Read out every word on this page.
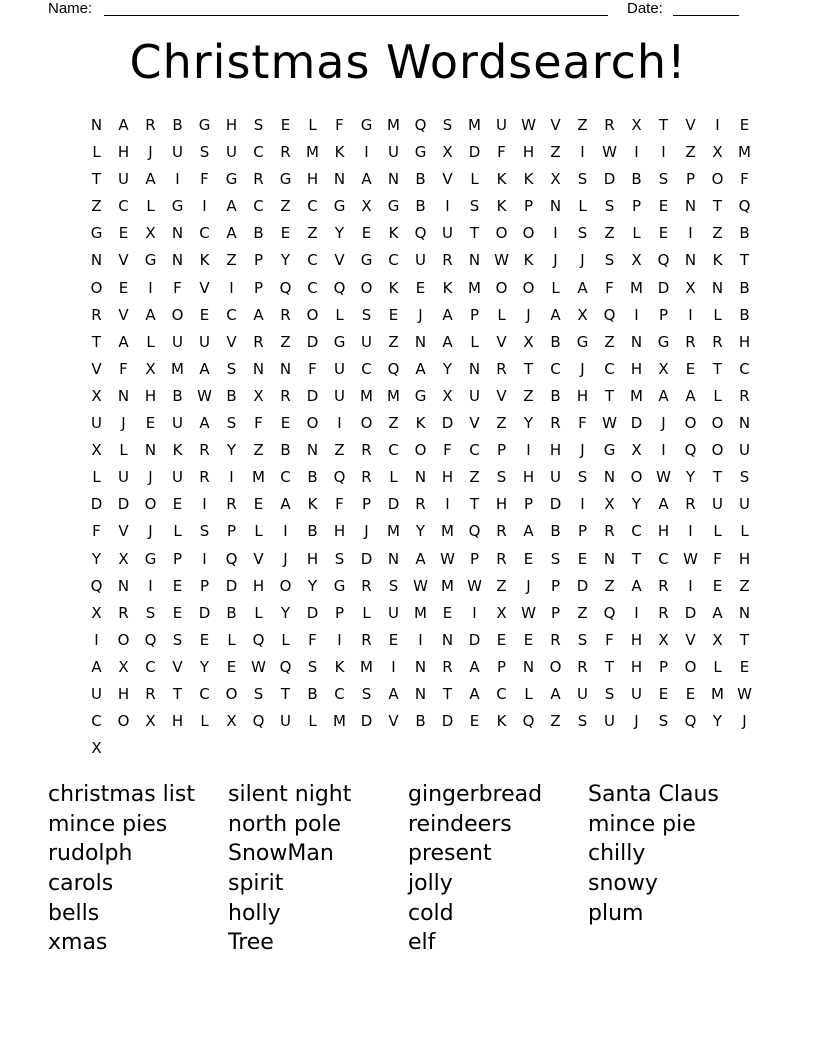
Name:	Date:
Christmas Wordsearch!
N	A	R	B	G	H	S	E	L	F	G M Q	S	M	U W V	Z	R	X	T	V	I	E
L	H	J	U	S	U	C	R	M	K	I	U	G	X	D	F	H	Z	I	W	I	I	Z	X	M
T	U	A	I	F	G	R	G	H	N	A	N	B	V	L	K	K	X	S	D	B	S	P	O	F
Z	C	L	G	I	A	C	Z	C	G	X	G	B	I	S	K	P	N	L	S	P	E	N	T	Q
G	E	X	N	C	A	B	E	Z	Y	E	K	Q	U	T	O	O	I	S	Z	L	E	I	Z	B
N	V	G	N	K	Z	P	Y	C	V	G	C	U	R	N W K	J	J	S	X	Q	N	K	T
O	E	I	F	V	I	P	Q	C	Q	O	K	E	K	M O	O	L	A	F	M D	X	N	B
R	V	A	O	E	C	A	R	O	L	S	E	J	A	P	L	J	A	X	Q	I	P	I	L	B
T	A	L	U	U	V	R	Z	D	G	U	Z	N	A	L	V	X	B	G	Z	N	G	R	R	H
V	F	X	M	A	S	N	N	F	U	C	Q	A	Y	N	R	T	C	J	C	H	X	E	T	C
X	N	H	B W B	X	R	D	U	M M G	X	U	V	Z	B	H	T	M	A	A	L	R
U	J	E	U	A	S	F	E	O	I	O	Z	K	D	V	Z	Y	R	F	W D	J	O	O	N
X	L	N	K	R	Y	Z	B	N	Z	R	C	O	F	C	P	I	H	J	G	X	I	Q	O	U
L	U	J	U	R	I	M	C	B	Q	R	L	N	H	Z	S	H	U	S	N	O W Y	T	S
D	D	O	E	I	R	E	A	K	F	P	D	R	I	T	H	P	D	I	X	Y	A	R	U	U
F	V	J	L	S	P	L	I	B	H	J	M	Y	M Q	R	A	B	P	R	C	H	I	L	L
Y	X	G	P	I	Q	V	J	H	S	D	N	A W	P	R	E	S	E	N	T	C W	F	H
Q	N	I	E	P	D	H	O	Y	G	R	S W M W Z	J	P	D	Z	A	R	I	E	Z
X	R	S	E	D	B	L	Y	D	P	L	U	M	E	I	X W	P	Z	Q	I	R	D	A	N
I	O	Q	S	E	L	Q	L	F	I	R	E	I	N	D	E	E	R	S	F	H	X	V	X	T
A	X	C	V	Y	E W Q	S	K	M	I	N	R	A	P	N	O	R	T	H	P	O	L	E
U	H	R	T	C	O	S	T	B	C	S	A	N	T	A	C	L	A	U	S	U	E	E	M W
C	O	X	H	L	X	Q	U	L	M D	V	B	D	E	K	Q	Z	S	U	J	S	Q	Y	J
X
christmas list
mince pies
rudolph
carols
bells
xmas
silent night
north pole
SnowMan
spirit
holly
Tree
gingerbread
reindeers
present
jolly
cold
elf
Santa Claus
mince pie
chilly
snowy
plum
